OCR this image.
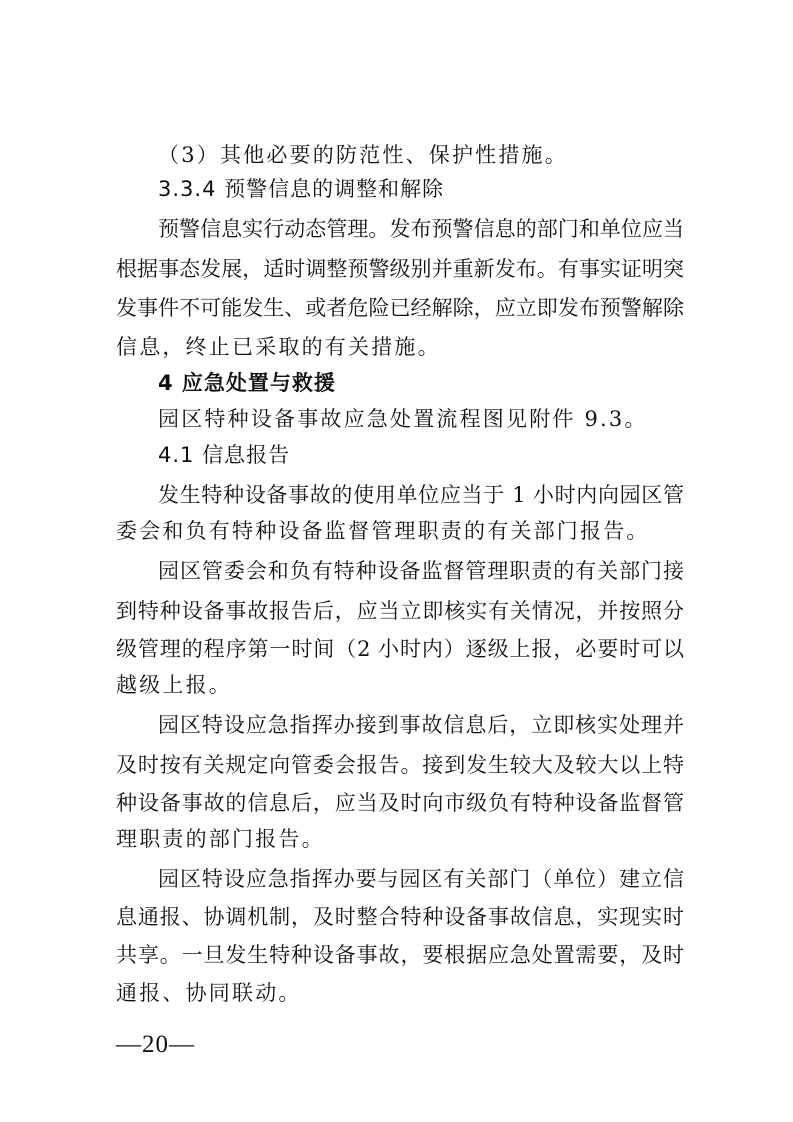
（3）其他必要的防范性、保护性措施。

3.3.4 预警信息的调整和解除

预警信息实行动态管理。发布预警信息的部门和单位应当

根据事态发展，适时调整预警级别并重新发布。有事实证明突

发事件不可能发生、或者危险已经解除，应立即发布预警解除

信息，终止已采取的有关措施。

4 应急处置与救援

园区特种设备事故应急处置流程图见附件 9.3。

4.1 信息报告

发生特种设备事故的使用单位应当于 1 小时内向园区管

委会和负有特种设备监督管理职责的有关部门报告。

园区管委会和负有特种设备监督管理职责的有关部门接

到特种设备事故报告后，应当立即核实有关情况，并按照分

级管理的程序第一时间（2 小时内）逐级上报，必要时可以

越级上报。

园区特设应急指挥办接到事故信息后，立即核实处理并

及时按有关规定向管委会报告。接到发生较大及较大以上特

种设备事故的信息后，应当及时向市级负有特种设备监督管

理职责的部门报告。

园区特设应急指挥办要与园区有关部门（单位）建立信

息通报、协调机制，及时整合特种设备事故信息，实现实时

共享。一旦发生特种设备事故，要根据应急处置需要，及时

通报、协同联动。

—20—
